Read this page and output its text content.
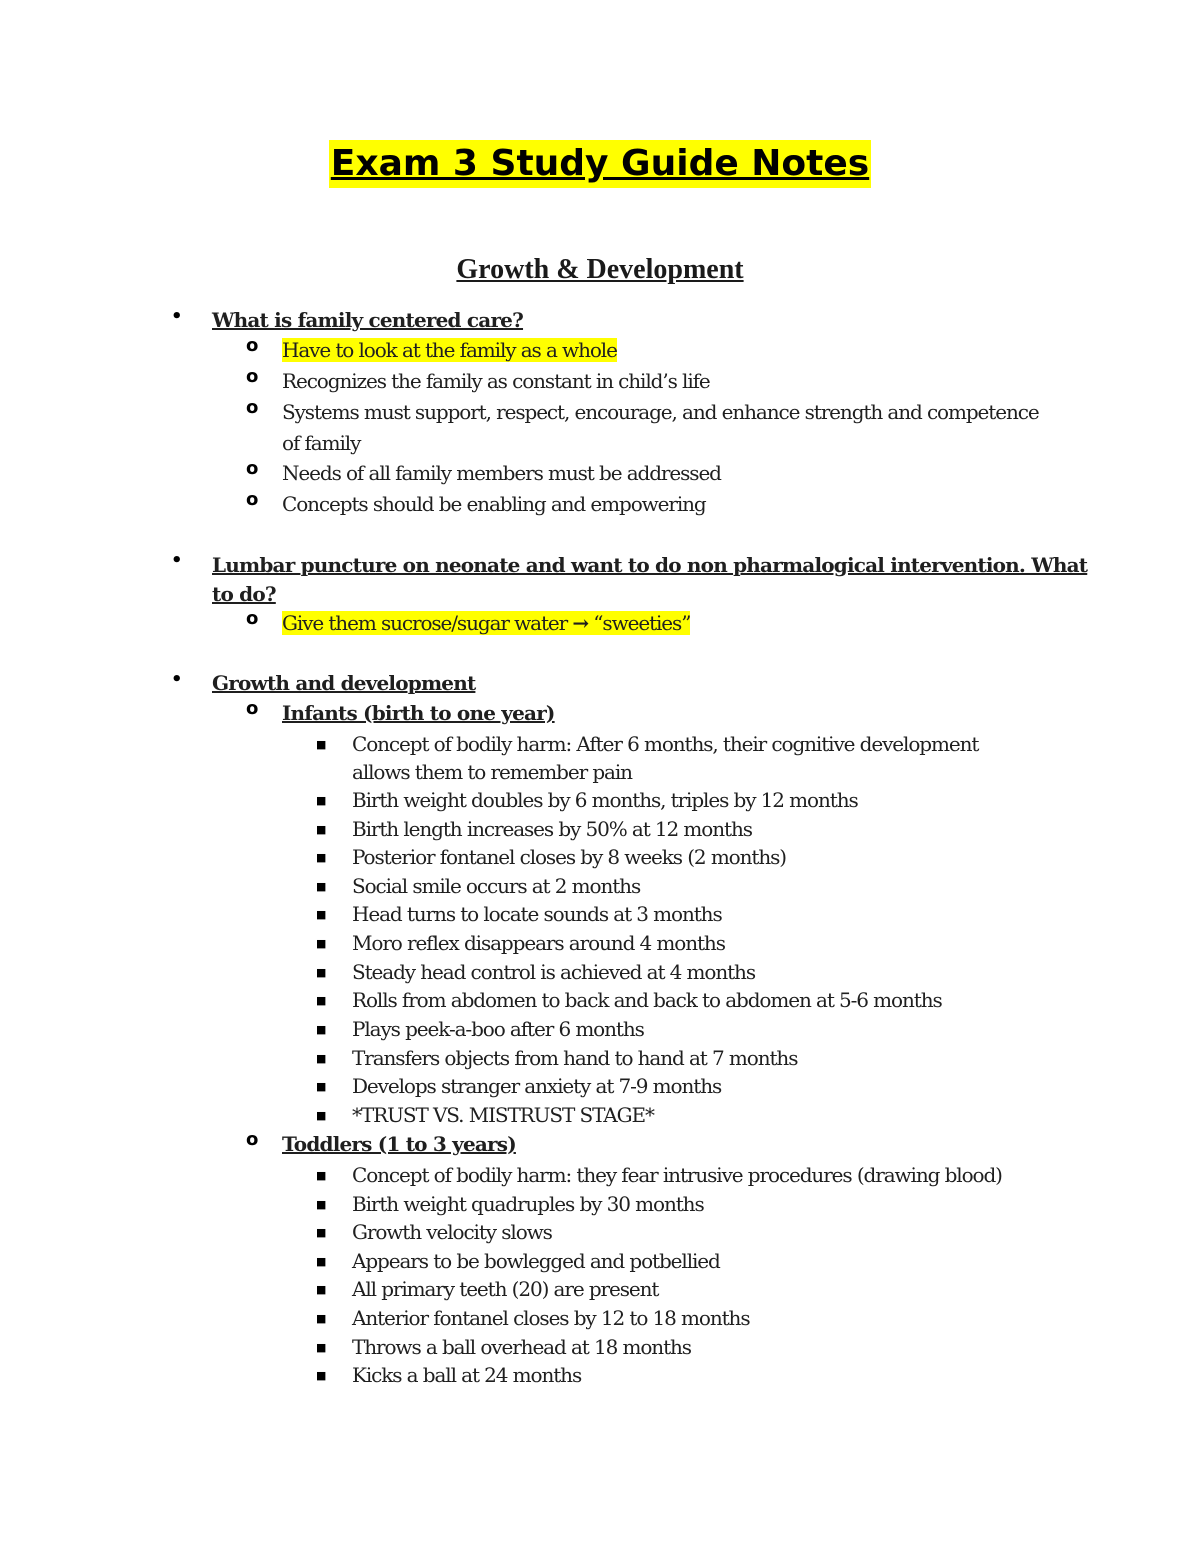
Exam 3 Study Guide Notes
Growth & Development
• What is family centered care?
o Have to look at the family as a whole
o Recognizes the family as constant in child’s life
o Systems must support, respect, encourage, and enhance strength and competence
of family
o Needs of all family members must be addressed
o Concepts should be enabling and empowering
• Lumbar puncture on neonate and want to do non pharmalogical intervention. What
to do?
o Give them sucrose/sugar water → “sweeties”
• Growth and development
o Infants (birth to one year)
■ Concept of bodily harm: After 6 months, their cognitive development
allows them to remember pain
■ Birth weight doubles by 6 months, triples by 12 months
■ Birth length increases by 50% at 12 months
■ Posterior fontanel closes by 8 weeks (2 months)
■ Social smile occurs at 2 months
■ Head turns to locate sounds at 3 months
■ Moro reflex disappears around 4 months
■ Steady head control is achieved at 4 months
■ Rolls from abdomen to back and back to abdomen at 5-6 months
■ Plays peek-a-boo after 6 months
■ Transfers objects from hand to hand at 7 months
■ Develops stranger anxiety at 7-9 months
■ *TRUST VS. MISTRUST STAGE*
o Toddlers (1 to 3 years)
■ Concept of bodily harm: they fear intrusive procedures (drawing blood)
■ Birth weight quadruples by 30 months
■ Growth velocity slows
■ Appears to be bowlegged and potbellied
■ All primary teeth (20) are present
■ Anterior fontanel closes by 12 to 18 months
■ Throws a ball overhead at 18 months
■ Kicks a ball at 24 months
